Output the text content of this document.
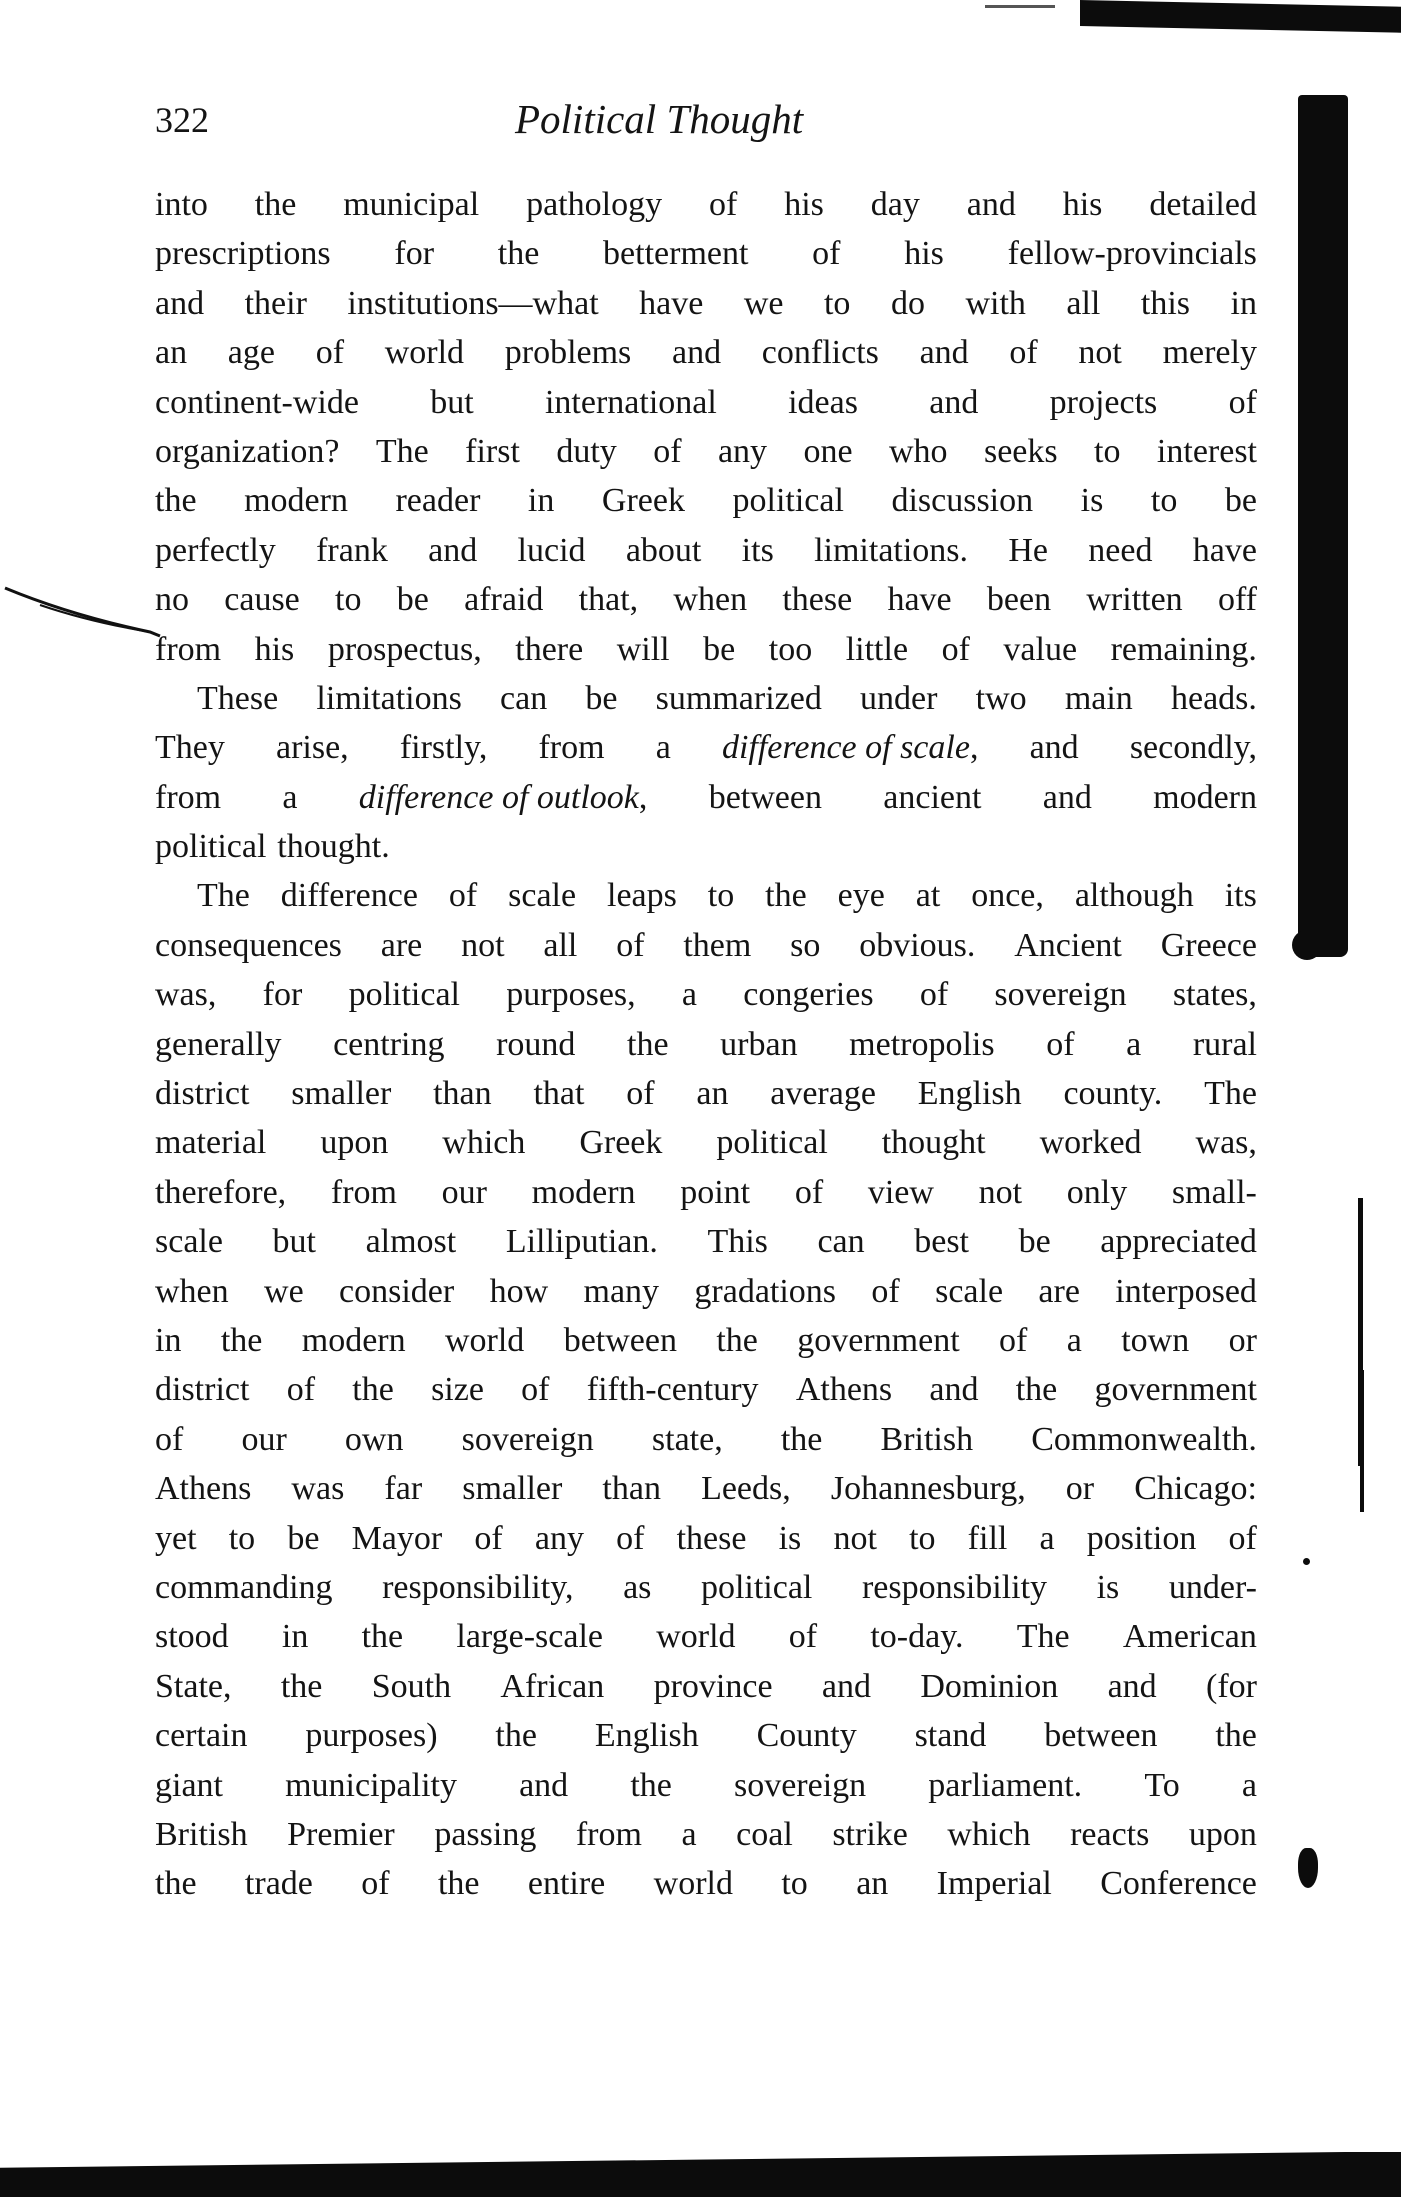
322	Political Thought
into the municipal pathology of his day and his detailed
prescriptions for the betterment of his fellow-provincials
and their institutions—what have we to do with all this in
an age of world problems and conflicts and of not merely
continent-wide but international ideas and projects of
organization? The first duty of any one who seeks to interest
the modern reader in Greek political discussion is to be
perfectly frank and lucid about its limitations. He need have
no cause to be afraid that, when these have been written off
from his prospectus, there will be too little of value remaining.
These limitations can be summarized under two main heads.
They arise, firstly, from a difference of scale, and secondly,
from a difference of outlook, between ancient and modern
political thought.
The difference of scale leaps to the eye at once, although its
consequences are not all of them so obvious. Ancient Greece
was, for political purposes, a congeries of sovereign states,
generally centring round the urban metropolis of a rural
district smaller than that of an average English county. The
material upon which Greek political thought worked was,
therefore, from our modern point of view not only small-
scale but almost Lilliputian. This can best be appreciated
when we consider how many gradations of scale are interposed
in the modern world between the government of a town or
district of the size of fifth-century Athens and the government
of our own sovereign state, the British Commonwealth.
Athens was far smaller than Leeds, Johannesburg, or Chicago:
yet to be Mayor of any of these is not to fill a position of
commanding responsibility, as political responsibility is under-
stood in the large-scale world of to-day. The American
State, the South African province and Dominion and (for
certain purposes) the English County stand between the
giant municipality and the sovereign parliament. To a
British Premier passing from a coal strike which reacts upon
the trade of the entire world to an Imperial Conference
